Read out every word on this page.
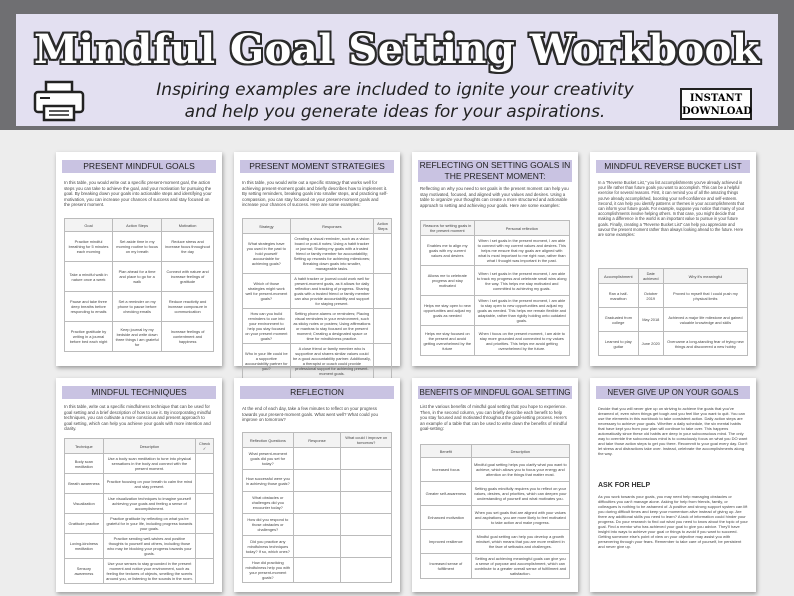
Mindful Goal Setting Workbook
Inspiring examples are included to ignite your creativity
and help you generate ideas for your aspirations.
INSTANT
DOWNLOAD
PRESENT MINDFUL GOALS
In this table, you would write out a specific present-moment goal, the action steps you can take to achieve the goal, and your motivation for pursuing the goal. By breaking down your goals into actionable steps and identifying your motivation, you can increase your chances of success and stay focused on the present moment.
Goal	Action Steps	Motivation
Practice mindful breathing for 5 minutes each morning	Set aside time in my morning routine to focus on my breath	Reduce stress and increase focus throughout the day
Take a mindful walk in nature once a week	Plan ahead for a time and place to go for a walk	Connect with nature and increase feelings of gratitude
Pause and take three deep breaths before responding to emails	Set a reminder on my phone to pause before checking emails	Reduce reactivity and increase composure in communication
Practice gratitude by writing in a journal before bed each night	Keep journal by my bedside and write down three things I am grateful for	Increase feelings of contentment and happiness
PRESENT MOMENT STRATEGIES
In this table, you would write out a specific strategy that works well for achieving present-moment goals and briefly describes how to implement it. By setting reminders, breaking goals into smaller steps, and practicing self-compassion, you can stay focused on your present-moment goals and increase your chances of success. Here are some examples:
Strategy	Responses	Action Steps
What strategies have you used in the past to hold yourself accountable for achieving goals?	Creating a visual reminder, such as a vision board or post-it notes; Using a habit tracker or journal; Sharing my goals with a trusted friend or family member for accountability; Setting up rewards for achieving milestones; Breaking down goals into smaller, manageable tasks.	
Which of those strategies might work well for present-moment goals?	A habit tracker or journal could work well for present-moment goals, as it allows for daily reflection and tracking of progress. Sharing goals with a trusted friend or family member can also provide accountability and support for staying present.	
How can you build reminders to cue into your environment to help you stay focused on your present moment goals?	Setting phone alarms or reminders; Placing visual reminders in your environment, such as sticky notes or posters; Using affirmations or mantras to stay focused on the present moment; Creating a designated space or time for mindfulness practice.	
Who in your life could be a supportive accountability partner for you?	A close friend or family member who is supportive and shares similar values could be a good accountability partner. Additionally, a therapist or coach could provide professional support for achieving present-moment goals.	
REFLECTING ON SETTING GOALS IN THE PRESENT MOMENT:
Reflecting on why you need to set goals in the present moment can help you stay motivated, focused, and aligned with your values and desires. Using a table to organize your thoughts can create a more structured and actionable approach to setting and achieving your goals. Here are some examples:
Reasons for setting goals in the present moment	Personal reflection
Enables me to align my goals with my current values and desires	When I set goals in the present moment, I am able to connect with my current values and desires. This helps me ensure that my goals are aligned with what is most important to me right now, rather than what I thought was important in the past.
Allows me to celebrate progress and stay motivated	When I set goals in the present moment, I am able to track my progress and celebrate small wins along the way. This helps me stay motivated and committed to achieving my goals.
Helps me stay open to new opportunities and adjust my goals as needed	When I set goals in the present moment, I am able to stay open to new opportunities and adjust my goals as needed. This helps me remain flexible and adaptable, rather than rigidly holding onto outdated goals.
Helps me stay focused on the present and avoid getting overwhelmed by the future	When I focus on the present moment, I am able to stay more grounded and connected to my values and priorities. This helps me avoid getting overwhelmed by the future.
MINDFUL REVERSE BUCKET LIST
In a "Reverse Bucket List," you list accomplishments you've already achieved in your life rather than future goals you want to accomplish. This can be a helpful exercise for several reasons. First, it can remind you of all the amazing things you've already accomplished, boosting your self-confidence and self-esteem. Second, it can help you identify patterns or themes in your accomplishments that can inform your future goals. For example, suppose you notice that many of your accomplishments involve helping others. In that case, you might decide that making a difference in the world is an important value to pursue in your future goals. Finally, creating a "Reverse Bucket List" can help you appreciate and savour the present moment rather than always looking ahead to the future. Here are some examples:
Accomplishment	Date achieved	Why it's meaningful
Ran a half-marathon	October 2019	Proved to myself that I could push my physical limits
Graduated from college	May 2018	Achieved a major life milestone and gained valuable knowledge and skills
Learned to play guitar	June 2020	Overcame a long-standing fear of trying new things and discovered a new hobby
MINDFUL TECHNIQUES
In this table, write out a specific mindfulness technique that can be used for goal setting and a brief description of how to use it. By incorporating mindful techniques, you can cultivate a more conscious and present approach to goal setting, which can help you achieve your goals with more intention and clarity.
Technique	Description	Check ✓
Body scan meditation	Use a body scan meditation to tune into physical sensations in the body and connect with the present moment.	
Breath awareness	Practice focusing on your breath to calm the mind and stay present.	
Visualization	Use visualization techniques to imagine yourself achieving your goals and feeling a sense of accomplishment.	
Gratitude practice	Practice gratitude by reflecting on what you're grateful for in your life, including progress towards your goals.	
Loving-kindness meditation	Practice sending well-wishes and positive thoughts to yourself and others, including those who may be blocking your progress towards your goals.	
Sensory awareness	Use your senses to stay grounded in the present moment and notice your environment, such as feeling the textures of objects, smelling the scents around you, or listening to the sounds in the room.	
REFLECTION
At the end of each day, take a few minutes to reflect on your progress towards your present-moment goals. What went well? What could you improve on tomorrow?
Reflection Questions	Response	What could I improve on tomorrow?
What present-moment goals did you set for today?		
How successful were you in achieving those goals?		
What obstacles or challenges did you encounter today?		
How did you respond to those obstacles or challenges?		
Did you practice any mindfulness techniques today? If so, which ones?		
How did practicing mindfulness help you with your present-moment goals?		
BENEFITS OF MINDFUL GOAL SETTING
List the various benefits of mindful goal setting that you hope to experience. Then, in the second column, you can briefly describe each benefit to help you stay focused and motivated throughout the goal-setting process. Here's an example of a table that can be used to write down the benefits of mindful goal-setting:
Benefit	Description
Increased focus	Mindful goal setting helps you clarify what you want to achieve, which allows you to focus your energy and attention on the things that matter most.
Greater self-awareness	Setting goals mindfully requires you to reflect on your values, desires, and priorities, which can deepen your understanding of yourself and what motivates you.
Enhanced motivation	When you set goals that are aligned with your values and aspirations, you are more likely to feel motivated to take action and make progress.
Improved resilience	Mindful goal setting can help you develop a growth mindset, which means that you are more resilient in the face of setbacks and challenges.
Increased sense of fulfillment	Setting and achieving meaningful goals can give you a sense of purpose and accomplishment, which can contribute to a greater overall sense of fulfillment and satisfaction.
NEVER GIVE UP ON YOUR GOALS
Decide that you will never give up on striving to achieve the goals that you've dreamed of, even when things get tough and you feel like you want to quit. You can use the elements in this workbook to take consistent action. Daily action steps are necessary to achieve your goals. Whether a daily schedule, the six mental habits that have kept you from your plan will continue to take over. This happens automatically since these old habits are deep in your subconscious mind. The only way to override the subconscious mind is to consciously focus on what you DO want and take those action steps to get you there. Recommit to your goal every day. Don't let stress and distractions take over. Instead, celebrate the accomplishments along the way.
ASK FOR HELP
As you work towards your goals, you may need help managing obstacles or difficulties you can't manage alone. Asking for help from friends, family, or colleagues is nothing to be ashamed of. A positive and strong support system can lift you during difficult times and keep your momentum alive instead of giving up. Are there any additional skills you need to learn? A lack of information could hinder your progress. Do your research to find out what you need to know about the topic of your goal. Find a mentor who has achieved your goal to give you advice. They'll have insight into ways to achieve your goal or things to avoid if you want to succeed. Getting someone else's point of view on your objective may assist you with persevering through your fears. Remember to take care of yourself, be persistent and never give up.
